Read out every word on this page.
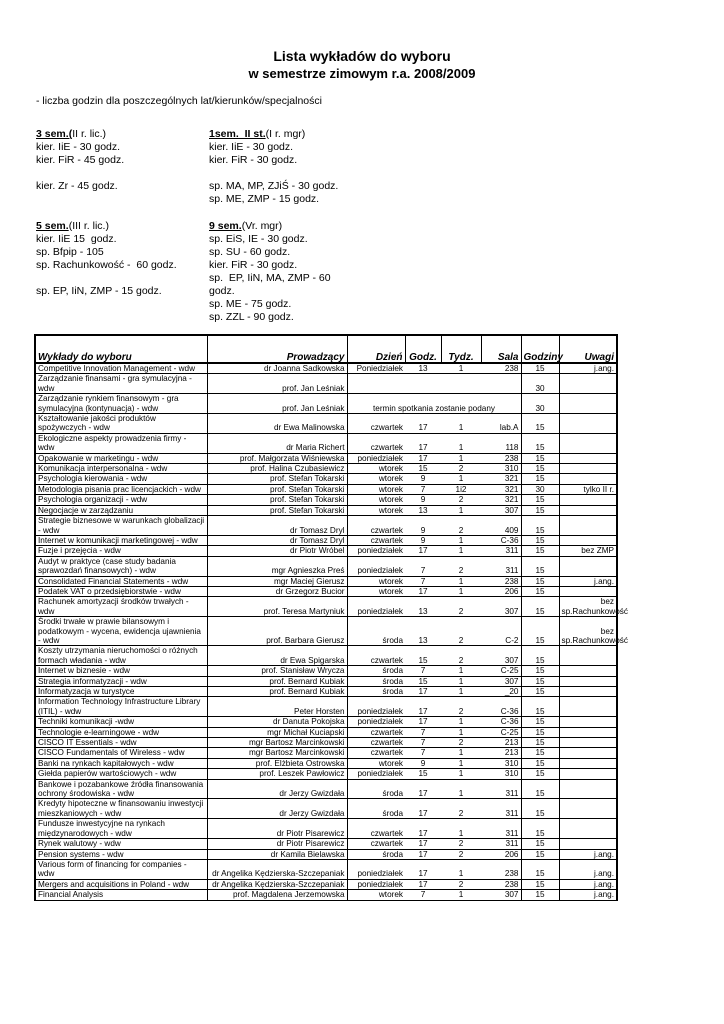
Lista wykładów do wyboru
w semestrze zimowym r.a. 2008/2009
- liczba godzin dla poszczególnych lat/kierunków/specjalności
3 sem.(II r. lic.)
kier. IiE - 30 godz.
kier. FiR - 45 godz.

kier. Zr - 45 godz.
1sem.  II st.(I r. mgr)
kier. IiE - 30 godz.
kier. FiR - 30 godz.

sp. MA, MP, ZJiŚ - 30 godz.
sp. ME, ZMP - 15 godz.
5 sem.(III r. lic.)
kier. IiE 15  godz.
sp. Bfpip - 105
sp. Rachunkowość -  60 godz.

sp. EP, IiN, ZMP - 15 godz.
9 sem.(Vr. mgr)
sp. EiS, IE - 30 godz.
sp. SU - 60 godz.
kier. FiR - 30 godz.
sp.  EP, IiN, MA, ZMP - 60
godz.
sp. ME - 75 godz.
sp. ZZL - 90 godz.
Wykłady do wyboru	Prowadzący	Dzień	Godz.	Tydz.	Sala	Godziny	Uwagi
Competitive Innovation Management - wdw	dr Joanna Sadkowska	Poniedziałek	13	1	238	15	j.ang.
Zarządzanie finansami - gra symulacyjna - wdw	prof. Jan Leśniak					30	
Zarządzanie rynkiem finansowym - gra symulacyjna (kontynuacja) - wdw	prof. Jan Leśniak	termin spotkania zostanie podany				30	
Kształtowanie jakości produktów spożywczych - wdw	dr Ewa Malinowska	czwartek	17	1	lab.A	15	
Ekologiczne aspekty prowadzenia firmy - wdw	dr Maria Richert	czwartek	17	1	118	15	
Opakowanie w marketingu - wdw	prof. Małgorzata Wiśniewska	poniedziałek	17	1	238	15	
Komunikacja interpersonalna - wdw	prof. Halina Czubasiewicz	wtorek	15	2	310	15	
Psychologia kierowania - wdw	prof. Stefan Tokarski	wtorek	9	1	321	15	
Metodologia pisania prac licencjackich - wdw	prof. Stefan Tokarski	wtorek	7	1i2	321	30	tylko II r.
Psychologia organizacji - wdw	prof. Stefan Tokarski	wtorek	9	2	321	15	
Negocjacje w zarządzaniu	prof. Stefan Tokarski	wtorek	13	1	307	15	
Strategie biznesowe w warunkach globalizacji - wdw	dr Tomasz Dryl	czwartek	9	2	409	15	
Internet w komunikacji marketingowej - wdw	dr Tomasz Dryl	czwartek	9	1	C-36	15	
Fuzje i przejęcia - wdw	dr Piotr Wróbel	poniedziałek	17	1	311	15	bez ZMP
Audyt w praktyce (case study badania sprawozdań finansowych) - wdw	mgr Agnieszka Preś	poniedziałek	7	2	311	15	
Consolidated Financial Statements - wdw	mgr Maciej Gierusz	wtorek	7	1	238	15	j.ang.
Podatek VAT o przedsiębiorstwie - wdw	dr Grzegorz Bucior	wtorek	17	1	206	15	
Rachunek amortyzacji środków trwałych - wdw	prof. Teresa Martyniuk	poniedziałek	13	2	307	15	bez sp.Rachunkowość
Środki trwałe w prawie bilansowym i podatkowym - wycena, ewidencja ujawnienia - wdw	prof. Barbara Gierusz	środa	13	2	C-2	15	bez sp.Rachunkowość
Koszty utrzymania nieruchomości o różnych formach władania - wdw	dr Ewa Spigarska	czwartek	15	2	307	15	
Internet w biznesie - wdw	prof. Stanisław Wrycza	środa	7	1	C-25	15	
Strategia informatyzacji - wdw	prof. Bernard Kubiak	środa	15	1	307	15	
Informatyzacja w turystyce	prof. Bernard Kubiak	środa	17	1	_20	15	
Information Technology Infrastructure Library (ITIL) - wdw	Peter Horsten	poniedziałek	17	2	C-36	15	
Techniki komunikacji -wdw	dr Danuta Pokojska	poniedziałek	17	1	C-36	15	
Technologie e-learningowe - wdw	mgr Michał Kuciapski	czwartek	7	1	C-25	15	
CISCO IT Essentials - wdw	mgr Bartosz Marcinkowski	czwartek	7	2	213	15	
CISCO Fundamentals of Wireless - wdw	mgr Bartosz Marcinkowski	czwartek	7	1	213	15	
Banki na rynkach kapitałowych - wdw	prof. Elżbieta Ostrowska	wtorek	9	1	310	15	
Giełda papierów wartościowych - wdw	prof. Leszek Pawłowicz	poniedziałek	15	1	310	15	
Bankowe i pozabankowe źródła finansowania ochrony środowiska - wdw	dr Jerzy Gwizdała	środa	17	1	311	15	
Kredyty hipoteczne w finansowaniu inwestycji mieszkaniowych - wdw	dr Jerzy Gwizdała	środa	17	2	311	15	
Fundusze inwestycyjne na rynkach międzynarodowych - wdw	dr Piotr Pisarewicz	czwartek	17	1	311	15	
Rynek walutowy - wdw	dr Piotr Pisarewicz	czwartek	17	2	311	15	
Pension systems - wdw	dr Kamila Bielawska	środa	17	2	206	15	j.ang.
Various form of financing for companies - wdw	dr Angelika Kędzierska-Szczepaniak	poniedziałek	17	1	238	15	j.ang.
Mergers and acquisitions in Poland - wdw	dr Angelika Kędzierska-Szczepaniak	poniedziałek	17	2	238	15	j.ang.
Financial Analysis	prof. Magdalena Jerzemowska	wtorek	7	1	307	15	j.ang.
